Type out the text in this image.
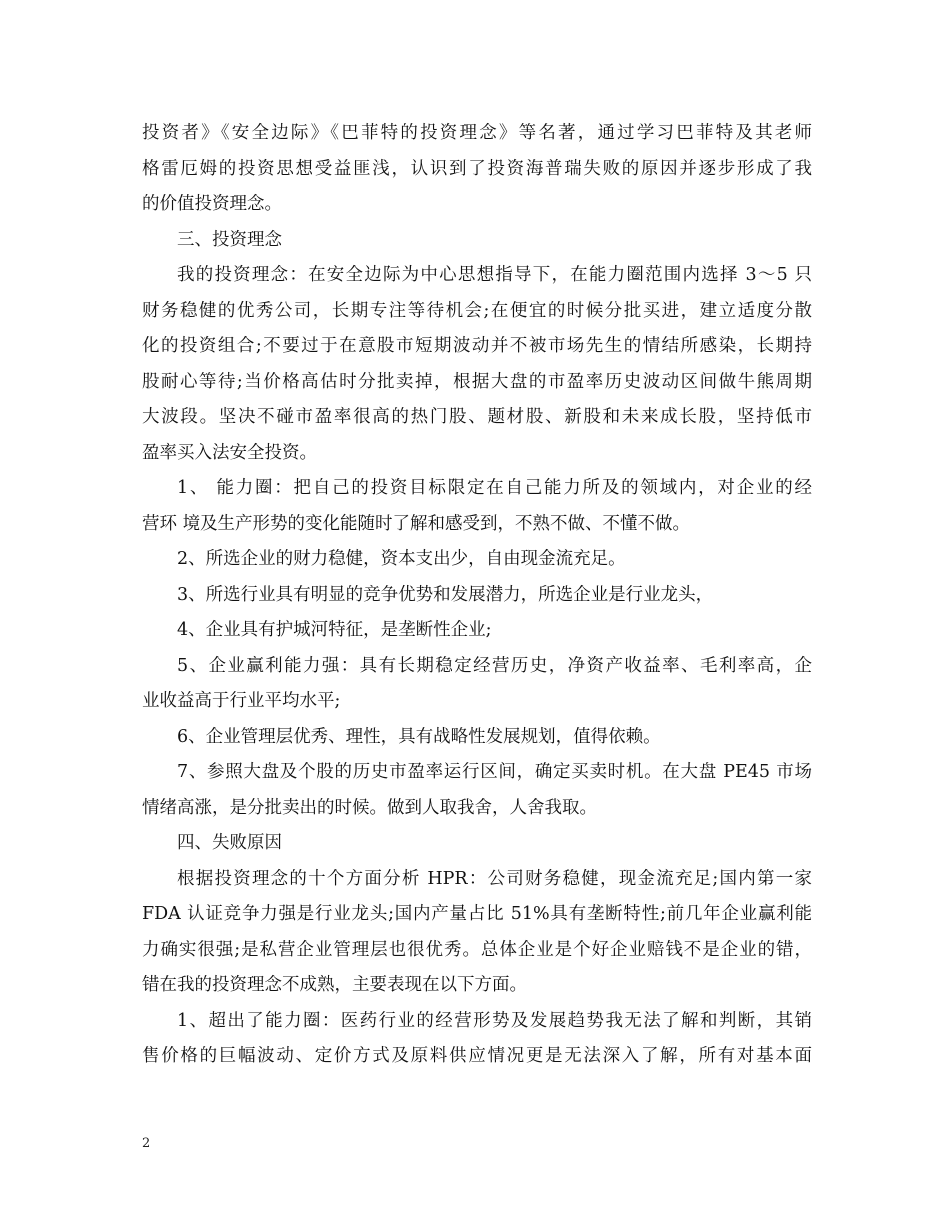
投资者》《安全边际》《巴菲特的投资理念》等名著，通过学习巴菲特及其老师
格雷厄姆的投资思想受益匪浅，认识到了投资海普瑞失败的原因并逐步形成了我
的价值投资理念。
三、投资理念
我的投资理念：在安全边际为中心思想指导下，在能力圈范围内选择 3～5 只
财务稳健的优秀公司，长期专注等待机会;在便宜的时候分批买进，建立适度分散
化的投资组合;不要过于在意股市短期波动并不被市场先生的情结所感染，长期持
股耐心等待;当价格高估时分批卖掉，根据大盘的市盈率历史波动区间做牛熊周期
大波段。坚决不碰市盈率很高的热门股、题材股、新股和未来成长股，坚持低市
盈率买入法安全投资。
1、 能力圈：把自己的投资目标限定在自己能力所及的领域内，对企业的经
营环 境及生产形势的变化能随时了解和感受到，不熟不做、不懂不做。
2、所选企业的财力稳健，资本支出少，自由现金流充足。
3、所选行业具有明显的竞争优势和发展潜力，所选企业是行业龙头，
4、企业具有护城河特征，是垄断性企业;
5、企业赢利能力强：具有长期稳定经营历史，净资产收益率、毛利率高，企
业收益高于行业平均水平;
6、企业管理层优秀、理性，具有战略性发展规划，值得依赖。
7、参照大盘及个股的历史市盈率运行区间，确定买卖时机。在大盘 PE45 市场
情绪高涨，是分批卖出的时候。做到人取我舍，人舍我取。
四、失败原因
根据投资理念的十个方面分析 HPR：公司财务稳健，现金流充足;国内第一家
FDA 认证竞争力强是行业龙头;国内产量占比 51%具有垄断特性;前几年企业赢利能
力确实很强;是私营企业管理层也很优秀。总体企业是个好企业赔钱不是企业的错，
错在我的投资理念不成熟，主要表现在以下方面。
1、超出了能力圈：医药行业的经营形势及发展趋势我无法了解和判断，其销
售价格的巨幅波动、定价方式及原料供应情况更是无法深入了解，所有对基本面
2
